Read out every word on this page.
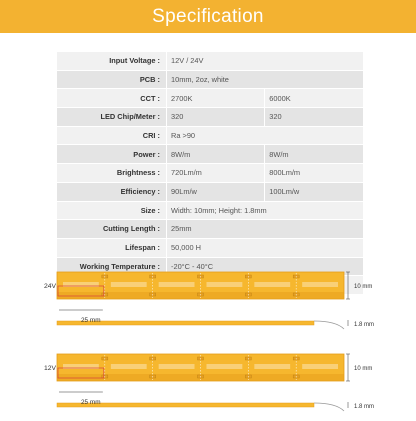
Specification
Input Voltage :	12V / 24V	
PCB :	10mm, 2oz, white	
CCT :	2700K	6000K
LED Chip/Meter :	320	320
CRI :	Ra >90	
Power :	8W/m	8W/m
Brightness :	720Lm/m	800Lm/m
Efficiency :	90Lm/w	100Lm/w
Size :	Width: 10mm; Height: 1.8mm	
Cutting Length :	25mm	
Lifespan :	50,000 H	
Working Temperature :	-20°C - 40°C	

24V	10 mm
25 mm
1.8 mm
12V	10 mm
25 mm
1.8 mm
